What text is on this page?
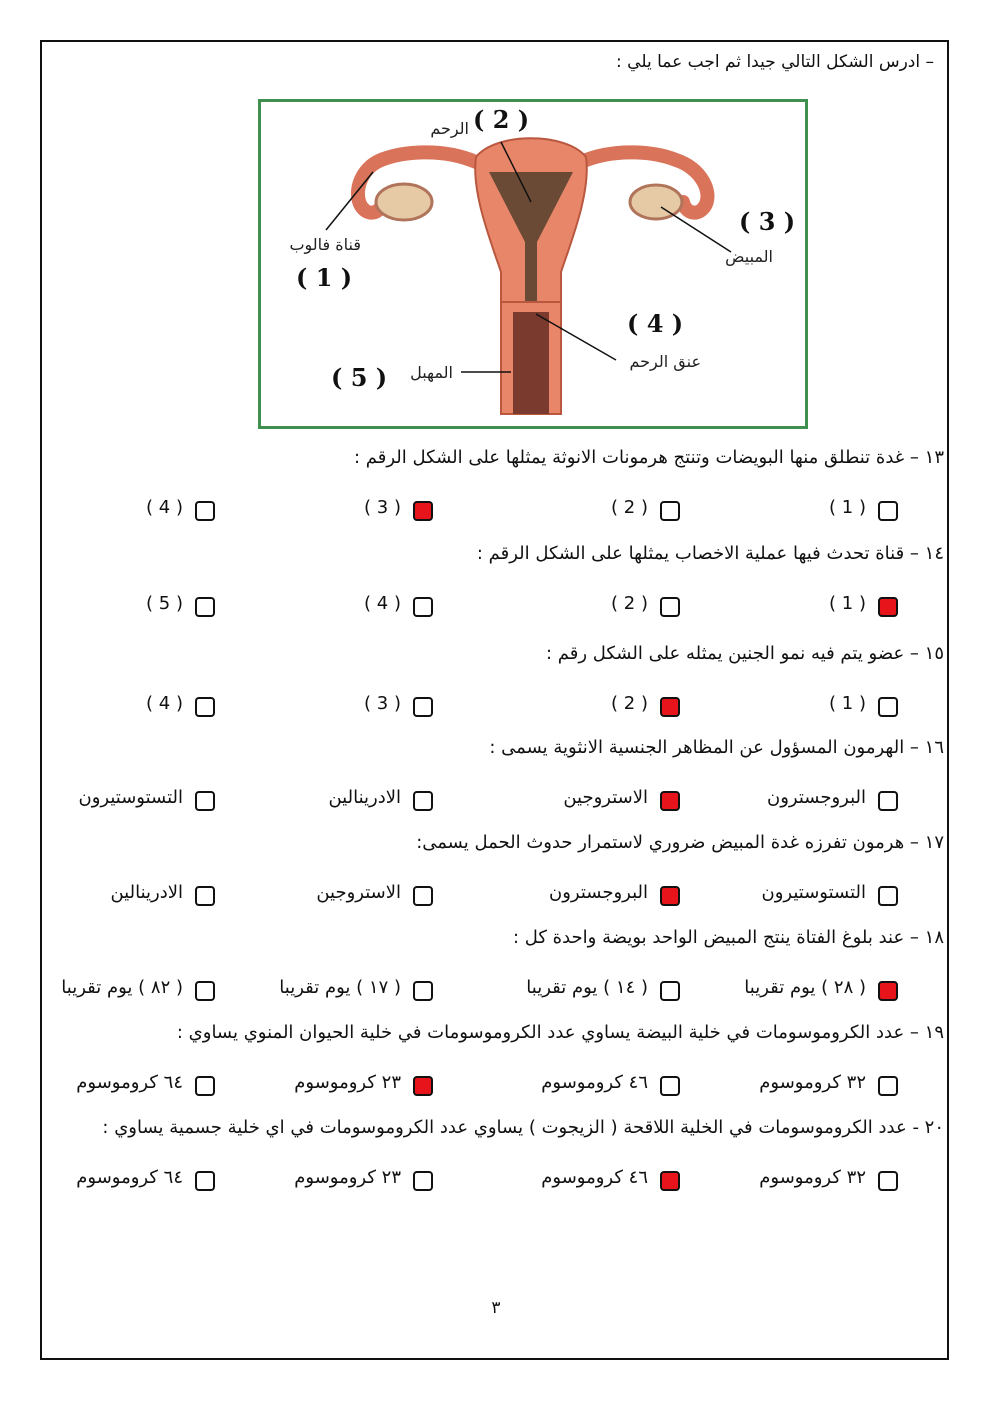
– ادرس الشكل التالي جيدا ثم اجب عما يلي :
الرحم ( 2 )
قناة فالوب
( 1 )
( 3 )
المبيض
( 4 )
عنق الرحم
المهبل
( 5 )
١٣ – غدة تنطلق منها البويضات وتنتج هرمونات الانوثة يمثلها على الشكل الرقم :
( 1 )
( 2 )
( 3 )
( 4 )
١٤ – قناة تحدث فيها عملية الاخصاب يمثلها على الشكل الرقم :
( 1 )
( 2 )
( 4 )
( 5 )
١٥ – عضو يتم فيه نمو الجنين يمثله على الشكل رقم :
( 1 )
( 2 )
( 3 )
( 4 )
١٦ – الهرمون المسؤول عن المظاهر الجنسية الانثوية يسمى :
البروجسترون
الاستروجين
الادرينالين
التستوستيرون
١٧ – هرمون تفرزه غدة المبيض ضروري لاستمرار حدوث الحمل يسمى:
التستوستيرون
البروجسترون
الاستروجين
الادرينالين
١٨ – عند بلوغ الفتاة ينتج المبيض الواحد بويضة واحدة كل :
( ٢٨ ) يوم تقريبا
( ١٤ ) يوم تقريبا
( ١٧ ) يوم تقريبا
( ٨٢ ) يوم تقريبا
١٩ – عدد الكروموسومات في خلية البيضة يساوي عدد الكروموسومات في خلية الحيوان المنوي يساوي :
٣٢ كروموسوم
٤٦ كروموسوم
٢٣ كروموسوم
٦٤ كروموسوم
٢٠ - عدد الكروموسومات في الخلية اللاقحة ( الزيجوت ) يساوي عدد الكروموسومات في اي خلية جسمية يساوي :
٣٢ كروموسوم
٤٦ كروموسوم
٢٣ كروموسوم
٦٤ كروموسوم
٣
